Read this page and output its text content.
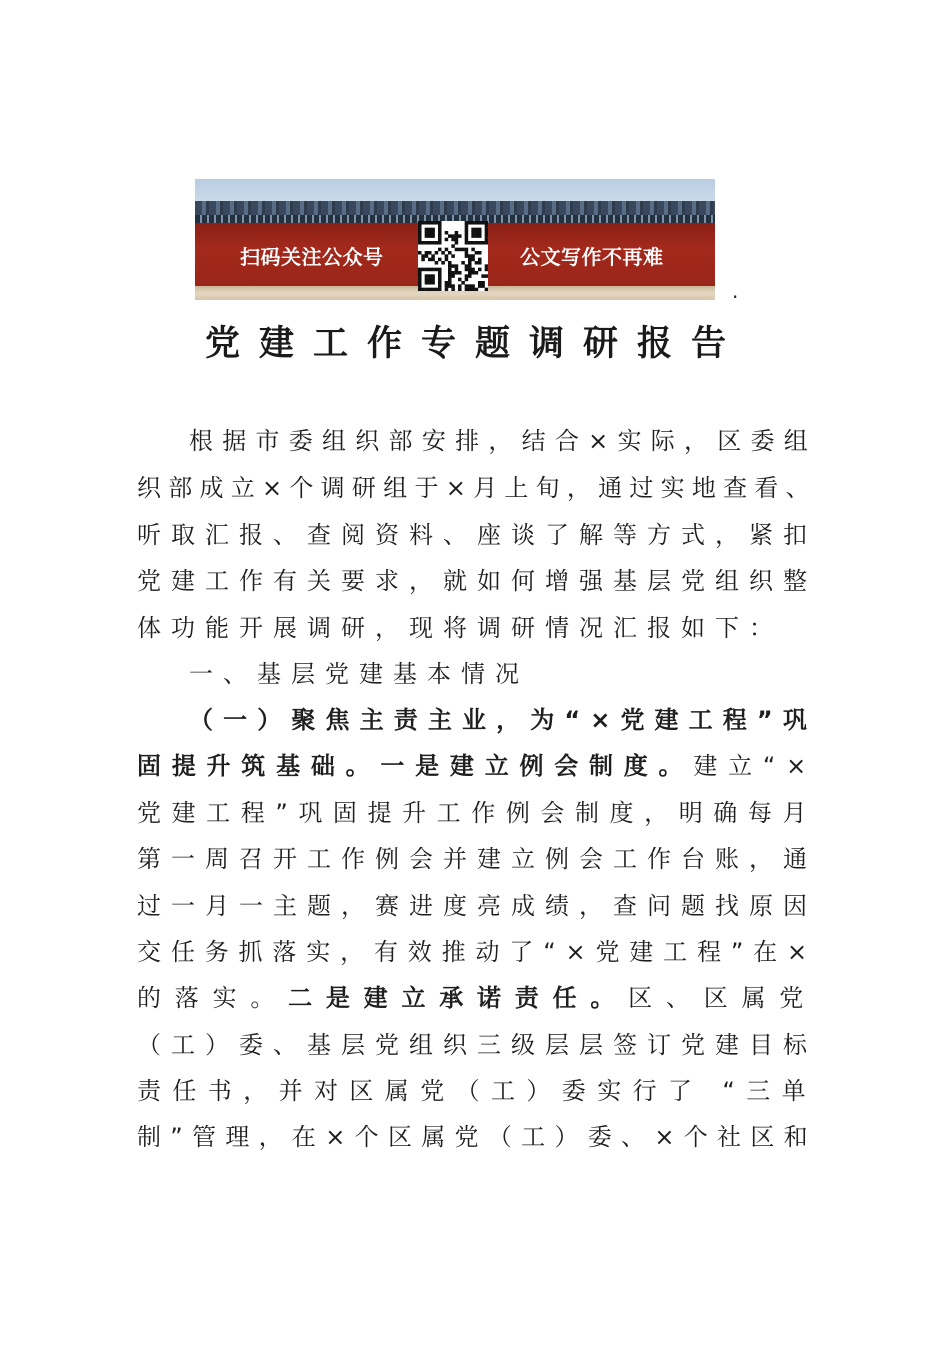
扫码关注公众号	公文写作不再难
.
党建工作专题调研报告
根据市委组织部安排，结合×实际，区委组
织部成立×个调研组于×月上旬，通过实地查看、
听取汇报、查阅资料、座谈了解等方式，紧扣
党建工作有关要求，就如何增强基层党组织整
体功能开展调研，现将调研情况汇报如下：
一、基层党建基本情况
（一）聚焦主责主业，为“×党建工程”巩
固提升筑基础。一是建立例会制度。建立“×
党建工程”巩固提升工作例会制度，明确每月
第一周召开工作例会并建立例会工作台账，通
过一月一主题，赛进度亮成绩，查问题找原因
交任务抓落实，有效推动了“×党建工程”在×
的落实。二是建立承诺责任。区、区属党
（工）委、基层党组织三级层层签订党建目标
责任书，并对区属党（工）委实行了 “三单
制”管理，在×个区属党（工）委、×个社区和
